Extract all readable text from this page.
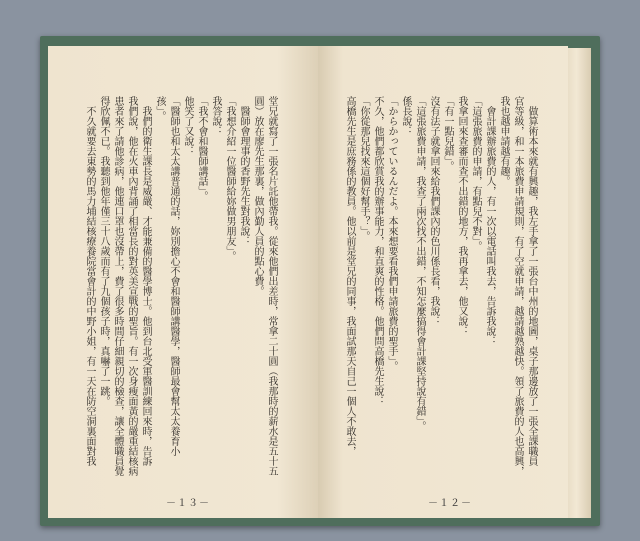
堂兄就寫了一張名片託他帶我。從來他們出差時，常拿二十圓（我那時的薪水是五十五
圓）放在廖先生那裏，做內勤人員的點心費。
醫師會理事的香野先生對我說：
「我想介紹一位醫師給妳做男朋友」。
我答說：
「我不會和醫師講話」。
他笑了又說：
「醫師也和太太講普通的話，妳別擔心不會和醫師講醫學，醫師最會幫太太養育小
孩」。
我們的衛生課長是威嚴、才能兼備的醫學博士。他到台北受軍醫訓練回來時，告訴
我們說，他在火車內背誦了相當長的對英美宣戰的聖旨。有一次身瘦面黃的嚴重結核病
患者來了請他診病，他連口罩也沒帶上，費了很多時間仔細親切的檢查，讓全體職員覺
得欣佩不已。我聽到他年僅三十八歲而有了九個孩子時，真嚇了一跳。
不久就要去東勢的馬力埔結核療養院當會計的中野小姐，有一天在防空洞裏面對我
－１３－
做算術本來就有興趣，我左手拿了一張台中州的地圖，桌子那邊放了一張全課職員
官等級，和一本旅費申請規則，有了空就申請，越請越熟越快。領了旅費的人也高興，
我也越申請越有趣。
會計課辦旅費的人，有一次以電話叫我去，告訴我說：
「這張旅費的申請，有點兒不對」。
我拿回來查審而查不出錯的地方，我再拿去，他又說：
「有一點兒錯」。
沒有法子就拿回來給我們課內的色川係長看，我說：
「這張旅費申請，我查了兩次找不出錯，不知怎麼搞得會計課堅持說有錯」。
係長說：
「からかっているんだよ。本來想要看我們申請旅費的聖手」。
不久，他們都欣賞我的辦事能力，和直爽的性格。他們問高橋先生說：
「你從那兒找來這個好幫手？」。
高橋先生是庶務係的教員。他以前是堂兄的同事，我面試那天自己一個人不敢去，
－１２－
